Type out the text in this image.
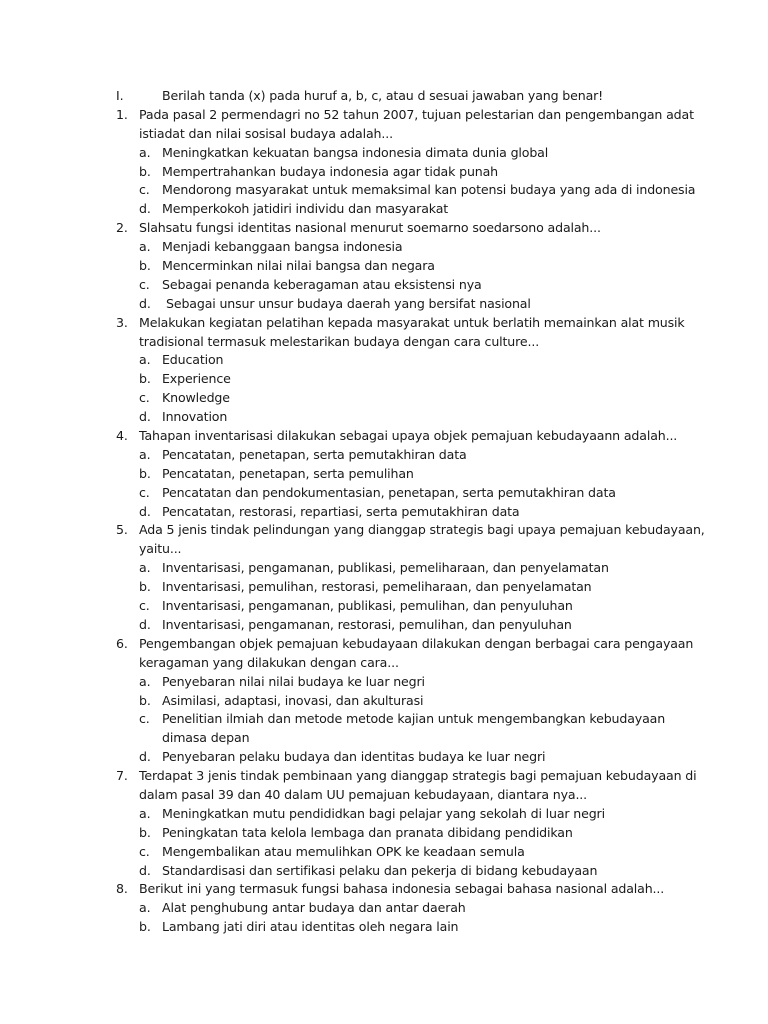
I.	Berilah tanda (x) pada huruf a, b, c, atau d sesuai jawaban yang benar!
1. Pada pasal 2 permendagri no 52 tahun 2007, tujuan pelestarian dan pengembangan adat
istiadat dan nilai sosisal budaya adalah...
a. Meningkatkan kekuatan bangsa indonesia dimata dunia global
b. Mempertrahankan budaya indonesia agar tidak punah
c. Mendorong masyarakat untuk memaksimal kan potensi budaya yang ada di indonesia
d. Memperkokoh jatidiri individu dan masyarakat
2. Slahsatu fungsi identitas nasional menurut soemarno soedarsono adalah...
a. Menjadi kebanggaan bangsa indonesia
b. Mencerminkan nilai nilai bangsa dan negara
c. Sebagai penanda keberagaman atau eksistensi nya
d. Sebagai unsur unsur budaya daerah yang bersifat nasional
3. Melakukan kegiatan pelatihan kepada masyarakat untuk berlatih memainkan alat musik
tradisional termasuk melestarikan budaya dengan cara culture...
a. Education
b. Experience
c. Knowledge
d. Innovation
4. Tahapan inventarisasi dilakukan sebagai upaya objek pemajuan kebudayaann adalah...
a. Pencatatan, penetapan, serta pemutakhiran data
b. Pencatatan, penetapan, serta pemulihan
c. Pencatatan dan pendokumentasian, penetapan, serta pemutakhiran data
d. Pencatatan, restorasi, repartiasi, serta pemutakhiran data
5. Ada 5 jenis tindak pelindungan yang dianggap strategis bagi upaya pemajuan kebudayaan,
yaitu...
a. Inventarisasi, pengamanan, publikasi, pemeliharaan, dan penyelamatan
b. Inventarisasi, pemulihan, restorasi, pemeliharaan, dan penyelamatan
c. Inventarisasi, pengamanan, publikasi, pemulihan, dan penyuluhan
d. Inventarisasi, pengamanan, restorasi, pemulihan, dan penyuluhan
6. Pengembangan objek pemajuan kebudayaan dilakukan dengan berbagai cara pengayaan
keragaman yang dilakukan dengan cara...
a. Penyebaran nilai nilai budaya ke luar negri
b. Asimilasi, adaptasi, inovasi, dan akulturasi
c. Penelitian ilmiah dan metode metode kajian untuk mengembangkan kebudayaan
dimasa depan
d. Penyebaran pelaku budaya dan identitas budaya ke luar negri
7. Terdapat 3 jenis tindak pembinaan yang dianggap strategis bagi pemajuan kebudayaan di
dalam pasal 39 dan 40 dalam UU pemajuan kebudayaan, diantara nya...
a. Meningkatkan mutu pendididkan bagi pelajar yang sekolah di luar negri
b. Peningkatan tata kelola lembaga dan pranata dibidang pendidikan
c. Mengembalikan atau memulihkan OPK ke keadaan semula
d. Standardisasi dan sertifikasi pelaku dan pekerja di bidang kebudayaan
8. Berikut ini yang termasuk fungsi bahasa indonesia sebagai bahasa nasional adalah...
a. Alat penghubung antar budaya dan antar daerah
b. Lambang jati diri atau identitas oleh negara lain
